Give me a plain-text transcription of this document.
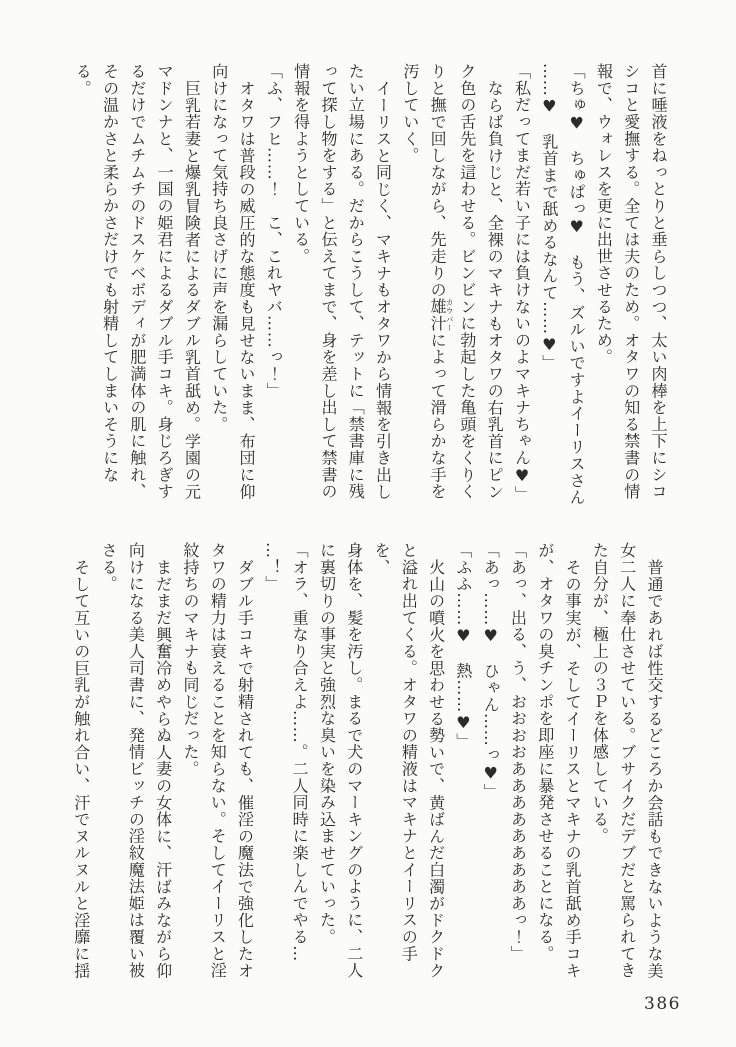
首に唾液をねっとりと垂らしつつ、太い肉棒を上下にシコ

シコと愛撫する。全ては夫のため。オタワの知る禁書の情

報で、ウォレスを更に出世させるため。

「ちゅ♥　ちゅぱっ♥　もう、ズルいですよイーリスさん

……♥　乳首まで舐めるなんて……♥」

「私だってまだ若い子には負けないのよマキナちゃん♥」

ならば負けじと、全裸のマキナもオタワの右乳首にピン

ク色の舌先を這わせる。ビンビンに勃起した亀頭をくりく

りと撫で回しながら、先走りの雄汁カウパーによって滑らかな手を

汚していく。

イーリスと同じく、マキナもオタワから情報を引き出し

たい立場にある。だからこうして、テットに「禁書庫に残

って探し物をする」と伝えてまで、身を差し出して禁書の

情報を得ようとしている。

「ふ、フヒ……！　こ、これヤバ……っ！」

オタワは普段の威圧的な態度も見せないまま、布団に仰

向けになって気持ち良さげに声を漏らしていた。

巨乳若妻と爆乳冒険者によるダブル乳首舐め。学園の元

マドンナと、一国の姫君によるダブル手コキ。身じろぎす

るだけでムチムチのドスケベボディが肥満体の肌に触れ、

その温かさと柔らかさだけでも射精してしまいそうになる。

普通であれば性交するどころか会話もできないような美

女二人に奉仕させている。ブサイクだデブだと罵られてき

た自分が、極上の３Ｐを体感している。

その事実が、そしてイーリスとマキナの乳首舐め手コキ

が、オタワの臭チンポを即座に暴発させることになる。

「あっ、出る、う、おおおおあああああああああっ！」

「あっ……♥　ひゃん……っ♥」

「ふふ……♥　熱……♥」

火山の噴火を思わせる勢いで、黄ばんだ白濁がドクドク

と溢れ出てくる。オタワの精液はマキナとイーリスの手を、

身体を、髪を汚し。まるで犬のマーキングのように、二人

に裏切りの事実と強烈な臭いを染み込ませていった。

「オラ、重なり合えよ……。二人同時に楽しんでやる…

…！」

ダブル手コキで射精されても、催淫の魔法で強化したオ

タワの精力は衰えることを知らない。そしてイーリスと淫

紋持ちのマキナも同じだった。

まだまだ興奮冷めやらぬ人妻の女体に、汗ばみながら仰

向けになる美人司書に、発情ビッチの淫紋魔法姫は覆い被

さる。

そして互いの巨乳が触れ合い、汗でヌルヌルと淫靡に揺

386
